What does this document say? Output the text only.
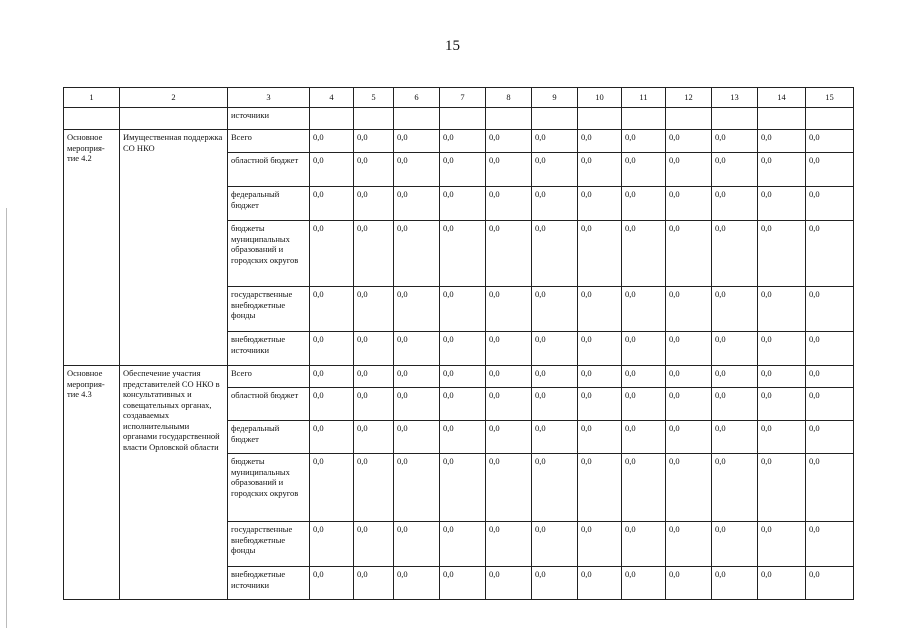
15
1	2	3	4	5	6	7	8	9	10	11	12	13	14	15
		источники												
Основное мероприя-тие 4.2	Имущественная поддержка СО НКО	Всего	0,0	0,0	0,0	0,0	0,0	0,0	0,0	0,0	0,0	0,0	0,0	0,0
		областной бюджет	0,0	0,0	0,0	0,0	0,0	0,0	0,0	0,0	0,0	0,0	0,0	0,0
		федеральный бюджет	0,0	0,0	0,0	0,0	0,0	0,0	0,0	0,0	0,0	0,0	0,0	0,0
		бюджеты муниципальных образований и городских округов	0,0	0,0	0,0	0,0	0,0	0,0	0,0	0,0	0,0	0,0	0,0	0,0
		государственные внебюджетные фонды	0,0	0,0	0,0	0,0	0,0	0,0	0,0	0,0	0,0	0,0	0,0	0,0
		внебюджетные источники	0,0	0,0	0,0	0,0	0,0	0,0	0,0	0,0	0,0	0,0	0,0	0,0
Основное мероприя-тие 4.3	Обеспечение участия представителей СО НКО в консультативных и совещательных органах, создаваемых исполнительными органами государственной власти Орловской области	Всего	0,0	0,0	0,0	0,0	0,0	0,0	0,0	0,0	0,0	0,0	0,0	0,0
		областной бюджет	0,0	0,0	0,0	0,0	0,0	0,0	0,0	0,0	0,0	0,0	0,0	0,0
		федеральный бюджет	0,0	0,0	0,0	0,0	0,0	0,0	0,0	0,0	0,0	0,0	0,0	0,0
		бюджеты муниципальных образований и городских округов	0,0	0,0	0,0	0,0	0,0	0,0	0,0	0,0	0,0	0,0	0,0	0,0
		государственные внебюджетные фонды	0,0	0,0	0,0	0,0	0,0	0,0	0,0	0,0	0,0	0,0	0,0	0,0
		внебюджетные источники	0,0	0,0	0,0	0,0	0,0	0,0	0,0	0,0	0,0	0,0	0,0	0,0
